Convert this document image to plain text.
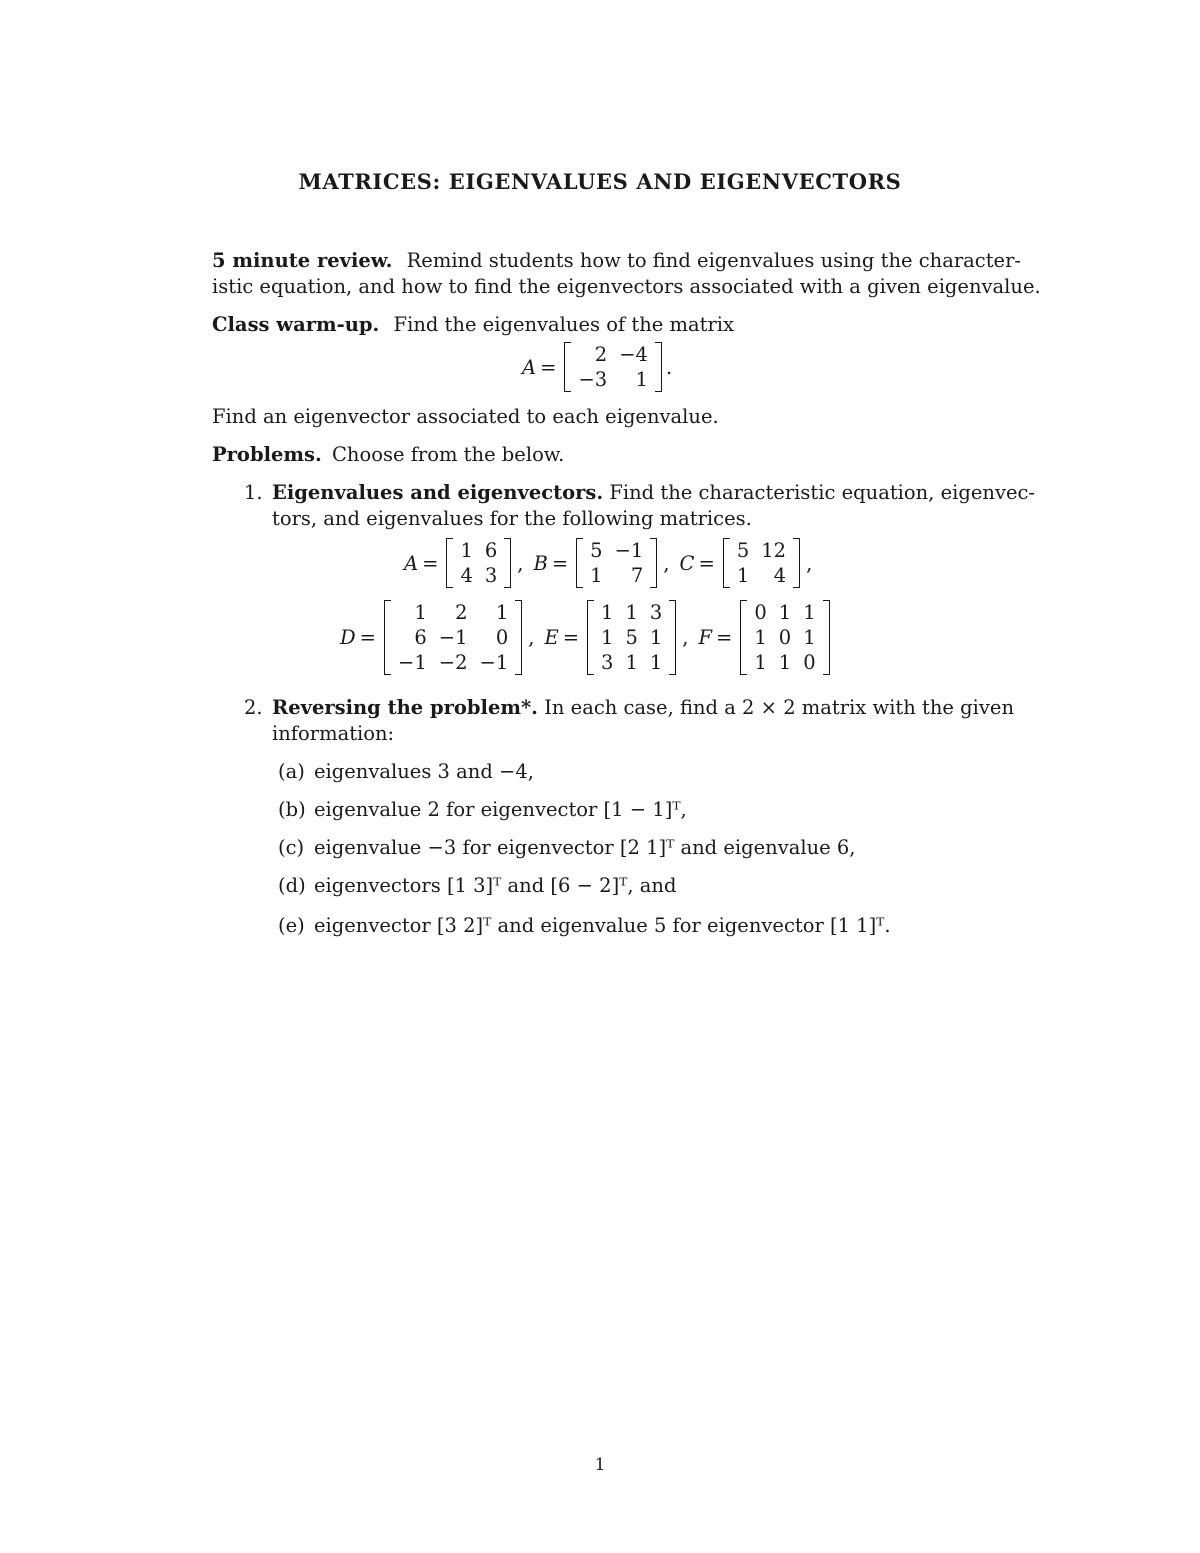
MATRICES: EIGENVALUES AND EIGENVECTORS
5 minute review. Remind students how to find eigenvalues using the character-
istic equation, and how to find the eigenvectors associated with a given eigenvalue.
Class warm-up. Find the eigenvalues of the matrix
A =
2	−4
−3	1
.
Find an eigenvector associated to each eigenvalue.
Problems. Choose from the below.
1. Eigenvalues and eigenvectors. Find the characteristic equation, eigenvec-
tors, and eigenvalues for the following matrices.
A =
1	6
4	3
, B =
5	−1
1	7
, C =
5	12
1	4
,
D =
1	2	1
6	−1	0
−1	−2	−1
, E =
1	1	3
1	5	1
3	1	1
, F =
0	1	1
1	0	1
1	1	0
2. Reversing the problem*. In each case, find a 2 × 2 matrix with the given
information:
(a) eigenvalues 3 and −4,
(b) eigenvalue 2 for eigenvector [1 − 1]ᵀ,
(c) eigenvalue −3 for eigenvector [2 1]ᵀ and eigenvalue 6,
(d) eigenvectors [1 3]ᵀ and [6 − 2]ᵀ, and
(e) eigenvector [3 2]ᵀ and eigenvalue 5 for eigenvector [1 1]ᵀ.
1
